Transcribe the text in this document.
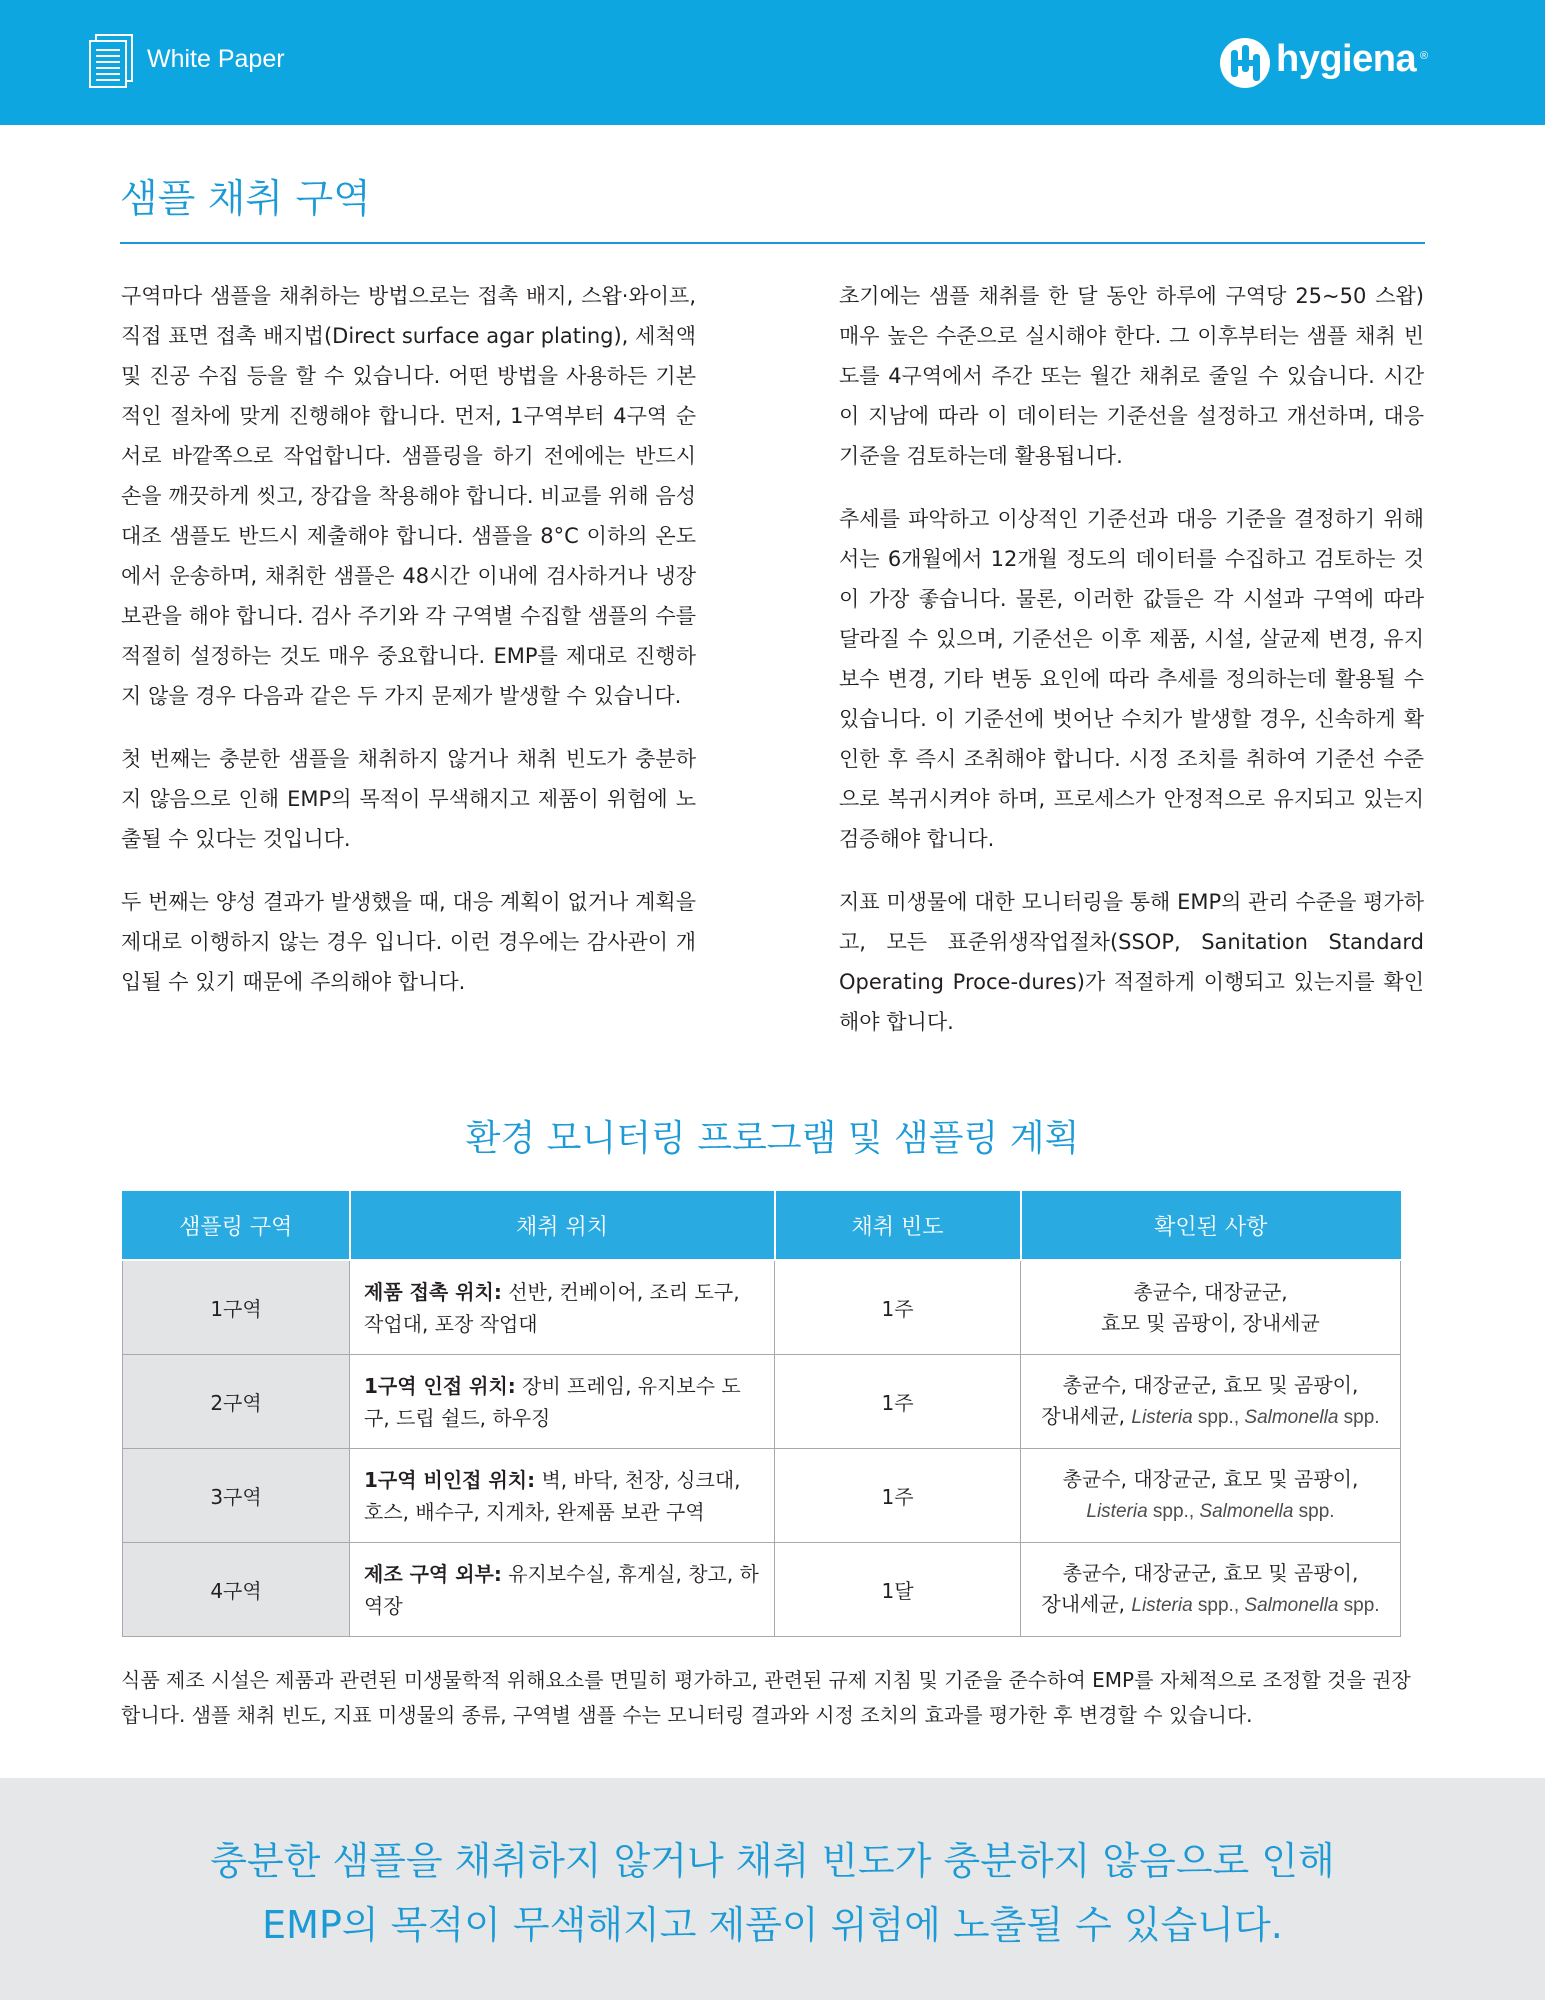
White Paper	hygiena ®
샘플 채취 구역

구역마다 샘플을 채취하는 방법으로는 접촉 배지, 스왑·와이프, 직접 표면 접촉 배지법(Direct surface agar plating), 세척액 및 진공 수집 등을 할 수 있습니다. 어떤 방법을 사용하든 기본적인 절차에 맞게 진행해야 합니다. 먼저, 1구역부터 4구역 순서로 바깥쪽으로 작업합니다. 샘플링을 하기 전에에는 반드시 손을 깨끗하게 씻고, 장갑을 착용해야 합니다. 비교를 위해 음성 대조 샘플도 반드시 제출해야 합니다. 샘플을 8°C 이하의 온도에서 운송하며, 채취한 샘플은 48시간 이내에 검사하거나 냉장 보관을 해야 합니다. 검사 주기와 각 구역별 수집할 샘플의 수를 적절히 설정하는 것도 매우 중요합니다. EMP를 제대로 진행하지 않을 경우 다음과 같은 두 가지 문제가 발생할 수 있습니다.

첫 번째는 충분한 샘플을 채취하지 않거나 채취 빈도가 충분하지 않음으로 인해 EMP의 목적이 무색해지고 제품이 위험에 노출될 수 있다는 것입니다.

두 번째는 양성 결과가 발생했을 때, 대응 계획이 없거나 계획을 제대로 이행하지 않는 경우 입니다. 이런 경우에는 감사관이 개입될 수 있기 때문에 주의해야 합니다.

초기에는 샘플 채취를 한 달 동안 하루에 구역당 25~50 스왑) 매우 높은 수준으로 실시해야 한다. 그 이후부터는 샘플 채취 빈도를 4구역에서 주간 또는 월간 채취로 줄일 수 있습니다. 시간이 지남에 따라 이 데이터는 기준선을 설정하고 개선하며, 대응 기준을 검토하는데 활용됩니다.

추세를 파악하고 이상적인 기준선과 대응 기준을 결정하기 위해서는 6개월에서 12개월 정도의 데이터를 수집하고 검토하는 것이 가장 좋습니다. 물론, 이러한 값들은 각 시설과 구역에 따라 달라질 수 있으며, 기준선은 이후 제품, 시설, 살균제 변경, 유지 보수 변경, 기타 변동 요인에 따라 추세를 정의하는데 활용될 수 있습니다. 이 기준선에 벗어난 수치가 발생할 경우, 신속하게 확인한 후 즉시 조취해야 합니다. 시정 조치를 취하여 기준선 수준으로 복귀시켜야 하며, 프로세스가 안정적으로 유지되고 있는지 검증해야 합니다.

지표 미생물에 대한 모니터링을 통해 EMP의 관리 수준을 평가하고, 모든 표준위생작업절차(SSOP, Sanitation Standard Operating Proce-dures)가 적절하게 이행되고 있는지를 확인해야 합니다.

환경 모니터링 프로그램 및 샘플링 계획
샘플링 구역	채취 위치	채취 빈도	확인된 사항
1구역	제품 접촉 위치: 선반, 컨베이어, 조리 도구, 작업대, 포장 작업대	1주	총균수, 대장균군,
효모 및 곰팡이, 장내세균
2구역	1구역 인접 위치: 장비 프레임, 유지보수 도구, 드립 쉴드, 하우징	1주	총균수, 대장균군, 효모 및 곰팡이,
장내세균, Listeria spp., Salmonella spp.
3구역	1구역 비인접 위치: 벽, 바닥, 천장, 싱크대, 호스, 배수구, 지게차, 완제품 보관 구역	1주	총균수, 대장균군, 효모 및 곰팡이,
Listeria spp., Salmonella spp.
4구역	제조 구역 외부: 유지보수실, 휴게실, 창고, 하역장	1달	총균수, 대장균군, 효모 및 곰팡이,
장내세균, Listeria spp., Salmonella spp.
식품 제조 시설은 제품과 관련된 미생물학적 위해요소를 면밀히 평가하고, 관련된 규제 지침 및 기준을 준수하여 EMP를 자체적으로 조정할 것을 권장합니다. 샘플 채취 빈도, 지표 미생물의 종류, 구역별 샘플 수는 모니터링 결과와 시정 조치의 효과를 평가한 후 변경할 수 있습니다.
충분한 샘플을 채취하지 않거나 채취 빈도가 충분하지 않음으로 인해
EMP의 목적이 무색해지고 제품이 위험에 노출될 수 있습니다.
